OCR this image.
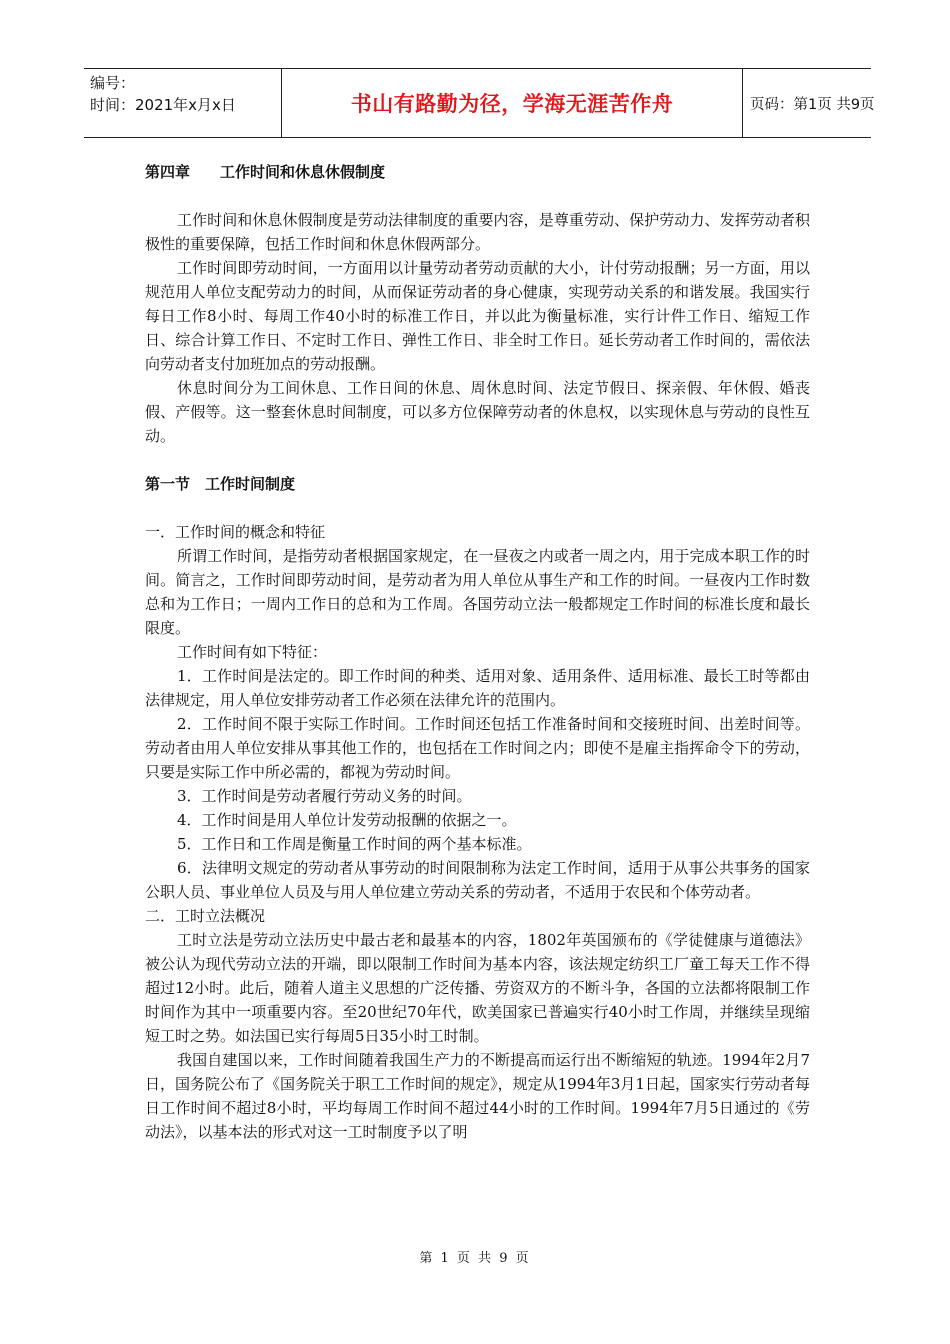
编号：
时间：2021年x月x日	书山有路勤为径，学海无涯苦作舟	页码：第1页 共9页

第四章　　工作时间和休息休假制度

工作时间和休息休假制度是劳动法律制度的重要内容，是尊重劳动、保护劳动力、发挥劳动者积极性的重要保障，包括工作时间和休息休假两部分。

工作时间即劳动时间，一方面用以计量劳动者劳动贡献的大小，计付劳动报酬；另一方面，用以规范用人单位支配劳动力的时间，从而保证劳动者的身心健康，实现劳动关系的和谐发展。我国实行每日工作8小时、每周工作40小时的标准工作日，并以此为衡量标准，实行计件工作日、缩短工作日、综合计算工作日、不定时工作日、弹性工作日、非全时工作日。延长劳动者工作时间的，需依法向劳动者支付加班加点的劳动报酬。

休息时间分为工间休息、工作日间的休息、周休息时间、法定节假日、探亲假、年休假、婚丧假、产假等。这一整套休息时间制度，可以多方位保障劳动者的休息权，以实现休息与劳动的良性互动。

第一节　工作时间制度

一．工作时间的概念和特征

所谓工作时间，是指劳动者根据国家规定，在一昼夜之内或者一周之内，用于完成本职工作的时间。简言之，工作时间即劳动时间，是劳动者为用人单位从事生产和工作的时间。一昼夜内工作时数总和为工作日；一周内工作日的总和为工作周。各国劳动立法一般都规定工作时间的标准长度和最长限度。

工作时间有如下特征：

1．工作时间是法定的。即工作时间的种类、适用对象、适用条件、适用标准、最长工时等都由法律规定，用人单位安排劳动者工作必须在法律允许的范围内。

2．工作时间不限于实际工作时间。工作时间还包括工作准备时间和交接班时间、出差时间等。劳动者由用人单位安排从事其他工作的，也包括在工作时间之内；即使不是雇主指挥命令下的劳动，只要是实际工作中所必需的，都视为劳动时间。

3．工作时间是劳动者履行劳动义务的时间。

4．工作时间是用人单位计发劳动报酬的依据之一。

5．工作日和工作周是衡量工作时间的两个基本标准。

6．法律明文规定的劳动者从事劳动的时间限制称为法定工作时间，适用于从事公共事务的国家公职人员、事业单位人员及与用人单位建立劳动关系的劳动者，不适用于农民和个体劳动者。

二．工时立法概况

工时立法是劳动立法历史中最古老和最基本的内容，1802年英国颁布的《学徒健康与道德法》被公认为现代劳动立法的开端，即以限制工作时间为基本内容，该法规定纺织工厂童工每天工作不得超过12小时。此后，随着人道主义思想的广泛传播、劳资双方的不断斗争，各国的立法都将限制工作时间作为其中一项重要内容。至20世纪70年代，欧美国家已普遍实行40小时工作周，并继续呈现缩短工时之势。如法国已实行每周5日35小时工时制。

我国自建国以来，工作时间随着我国生产力的不断提高而运行出不断缩短的轨迹。1994年2月7日，国务院公布了《国务院关于职工工作时间的规定》，规定从1994年3月1日起，国家实行劳动者每日工作时间不超过8小时，平均每周工作时间不超过44小时的工作时间。1994年7月5日通过的《劳动法》，以基本法的形式对这一工时制度予以了明

第 1 页 共 9 页
